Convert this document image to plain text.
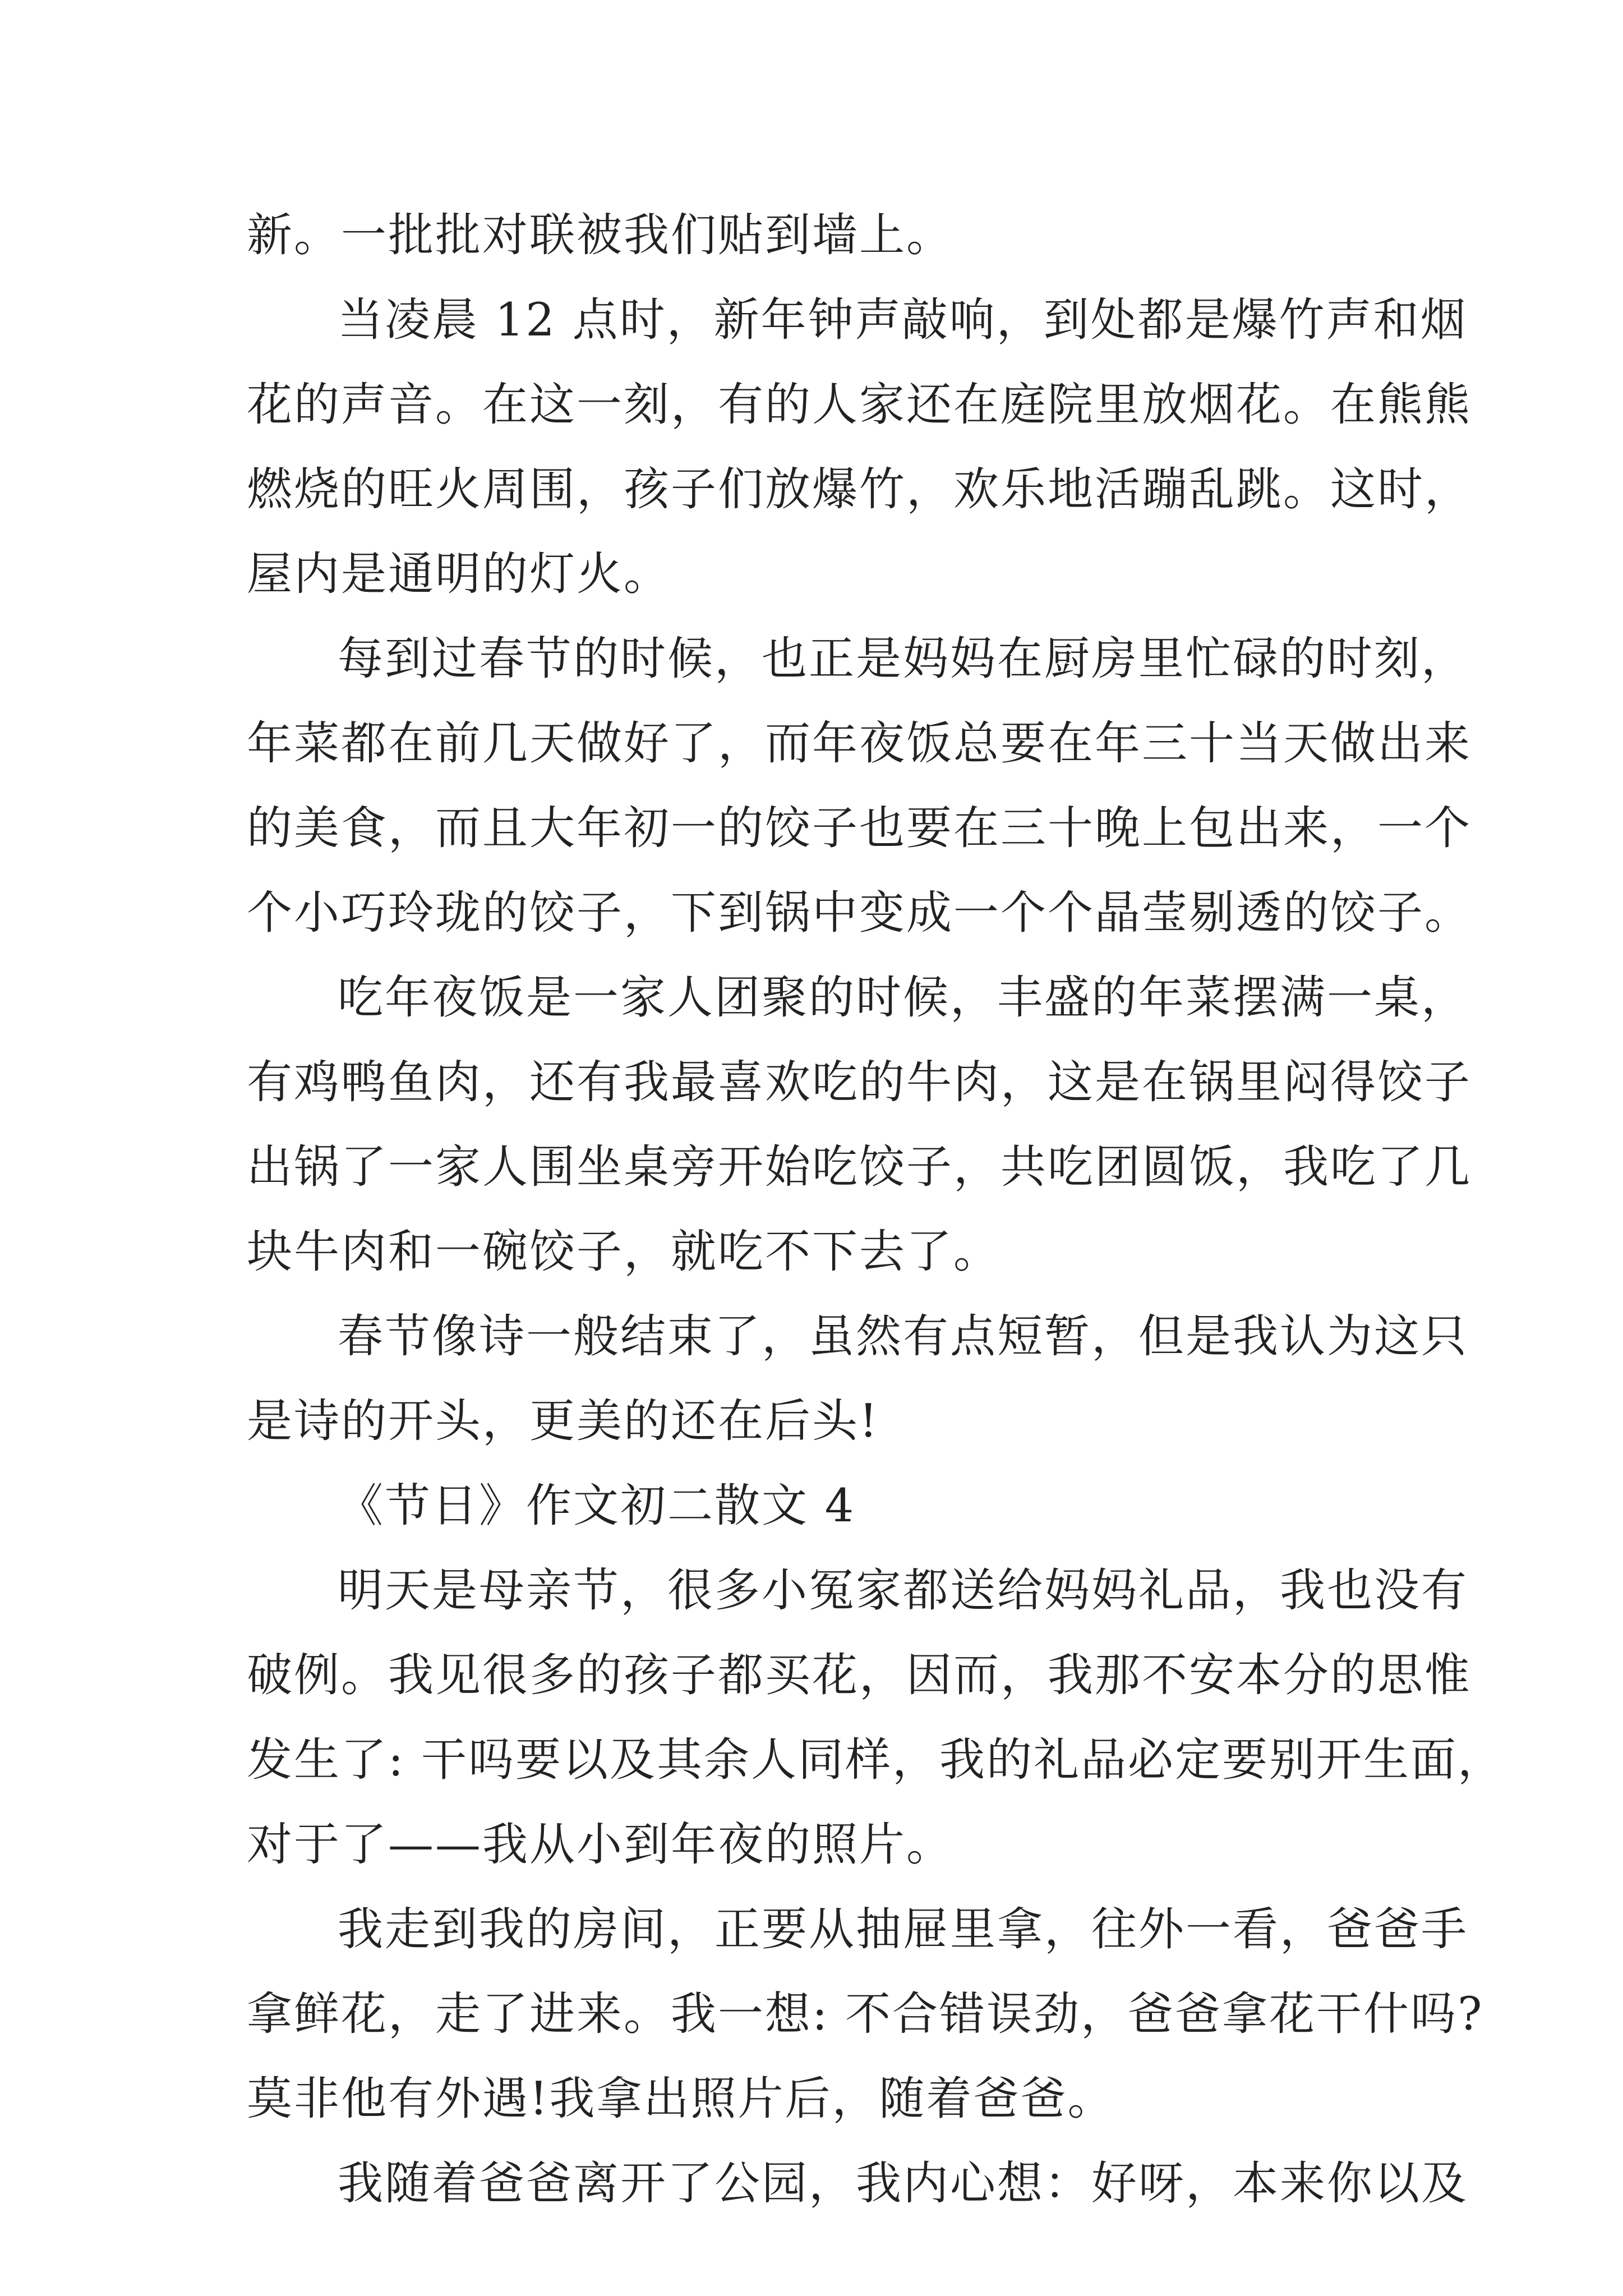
新。一批批对联被我们贴到墙上。
当凌晨 12 点时，新年钟声敲响，到处都是爆竹声和烟
花的声音。在这一刻，有的人家还在庭院里放烟花。在熊熊
燃烧的旺火周围，孩子们放爆竹，欢乐地活蹦乱跳。这时，
屋内是通明的灯火。
每到过春节的时候，也正是妈妈在厨房里忙碌的时刻，
年菜都在前几天做好了，而年夜饭总要在年三十当天做出来
的美食，而且大年初一的饺子也要在三十晚上包出来，一个
个小巧玲珑的饺子，下到锅中变成一个个晶莹剔透的饺子。
吃年夜饭是一家人团聚的时候，丰盛的年菜摆满一桌，
有鸡鸭鱼肉，还有我最喜欢吃的牛肉，这是在锅里闷得饺子
出锅了一家人围坐桌旁开始吃饺子，共吃团圆饭，我吃了几
块牛肉和一碗饺子，就吃不下去了。
春节像诗一般结束了，虽然有点短暂，但是我认为这只
是诗的开头，更美的还在后头!
《节日》作文初二散文 4
明天是母亲节，很多小冤家都送给妈妈礼品，我也没有
破例。我见很多的孩子都买花，因而，我那不安本分的思惟
发生了: 干吗要以及其余人同样，我的礼品必定要别开生面，
对于了——我从小到年夜的照片。
我走到我的房间，正要从抽屉里拿，往外一看，爸爸手
拿鲜花，走了进来。我一想: 不合错误劲，爸爸拿花干什吗?
莫非他有外遇!我拿出照片后，随着爸爸。
我随着爸爸离开了公园，我内心想：好呀，本来你以及
